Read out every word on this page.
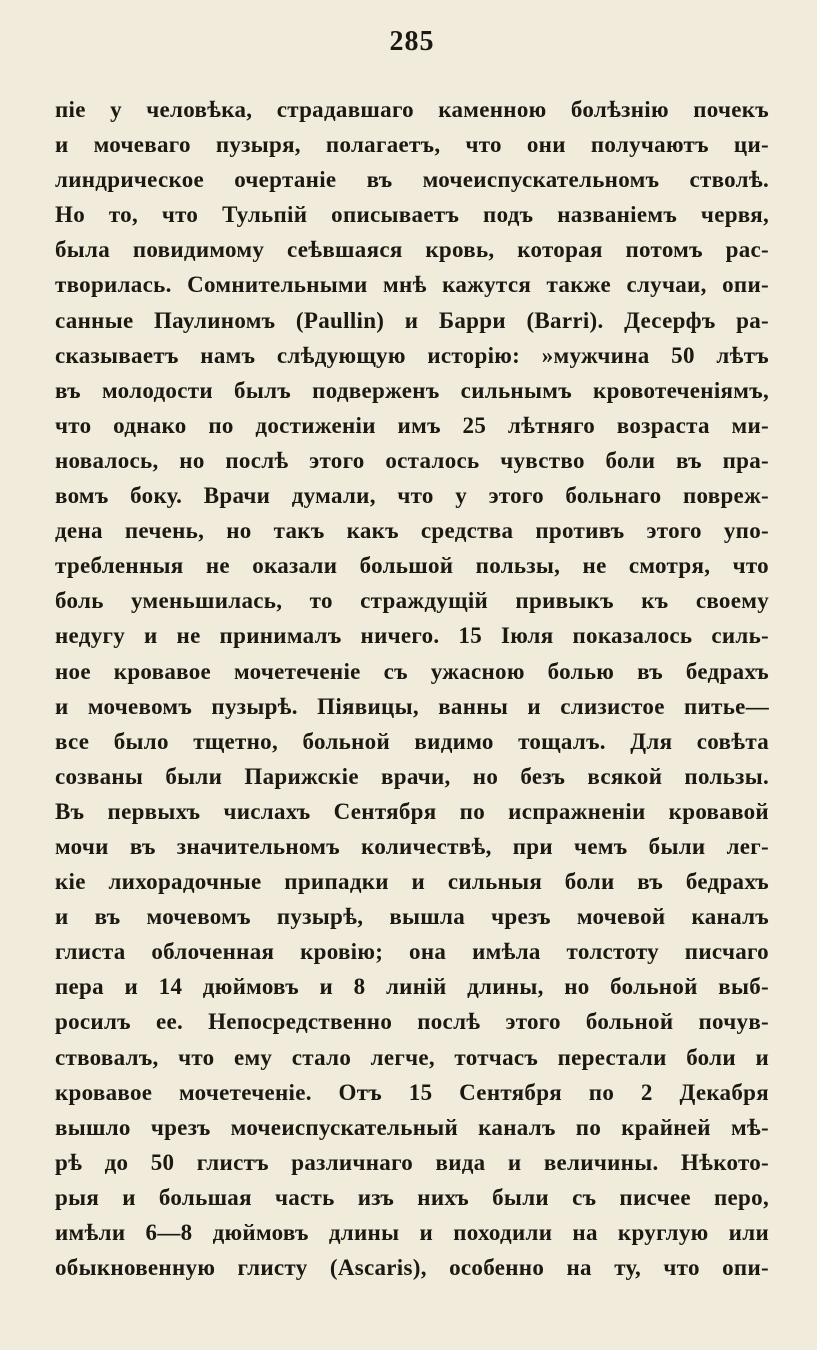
285
піе у человѣка, страдавшаго каменною болѣзнію почекъ
и мочеваго пузыря, полагаетъ, что они получаютъ ци-
линдрическое очертаніе въ мочеиспускательномъ стволѣ.
Но то, что Тульпій описываетъ подъ названіемъ червя,
была повидимому сеѣвшаяся кровь, которая потомъ рас-
творилась. Сомнительными мнѣ кажутся также случаи, опи-
санные Паулиномъ (Paullin) и Барри (Barri). Десерфъ ра-
сказываетъ намъ слѣдующую исторію: »мужчина 50 лѣтъ
въ молодости былъ подверженъ сильнымъ кровотеченіямъ,
что однако по достиженіи имъ 25 лѣтняго возраста ми-
новалось, но послѣ этого осталось чувство боли въ пра-
вомъ боку. Врачи думали, что у этого больнаго повреж-
дена печень, но такъ какъ средства противъ этого упо-
требленныя не оказали большой пользы, не смотря, что
боль уменьшилась, то страждущій привыкъ къ своему
недугу и не принималъ ничего. 15 Іюля показалось силь-
ное кровавое мочетеченіе съ ужасною болью въ бедрахъ
и мочевомъ пузырѣ. Піявицы, ванны и слизистое питье—
все было тщетно, больной видимо тощалъ. Для совѣта
созваны были Парижскіе врачи, но безъ всякой пользы.
Въ первыхъ числахъ Сентября по испражненіи кровавой
мочи въ значительномъ количествѣ, при чемъ были лег-
кіе лихорадочные припадки и сильныя боли въ бедрахъ
и въ мочевомъ пузырѣ, вышла чрезъ мочевой каналъ
глиста облоченная кровію; она имѣла толстоту писчаго
пера и 14 дюймовъ и 8 линій длины, но больной выб-
росилъ ее. Непосредственно послѣ этого больной почув-
ствовалъ, что ему стало легче, тотчасъ перестали боли и
кровавое мочетеченіе. Отъ 15 Сентября по 2 Декабря
вышло чрезъ мочеиспускательный каналъ по крайней мѣ-
рѣ до 50 глистъ различнаго вида и величины. Нѣкото-
рыя и большая часть изъ нихъ были съ писчее перо,
имѣли 6—8 дюймовъ длины и походили на круглую или
обыкновенную глисту (Ascaris), особенно на ту, что опи-
